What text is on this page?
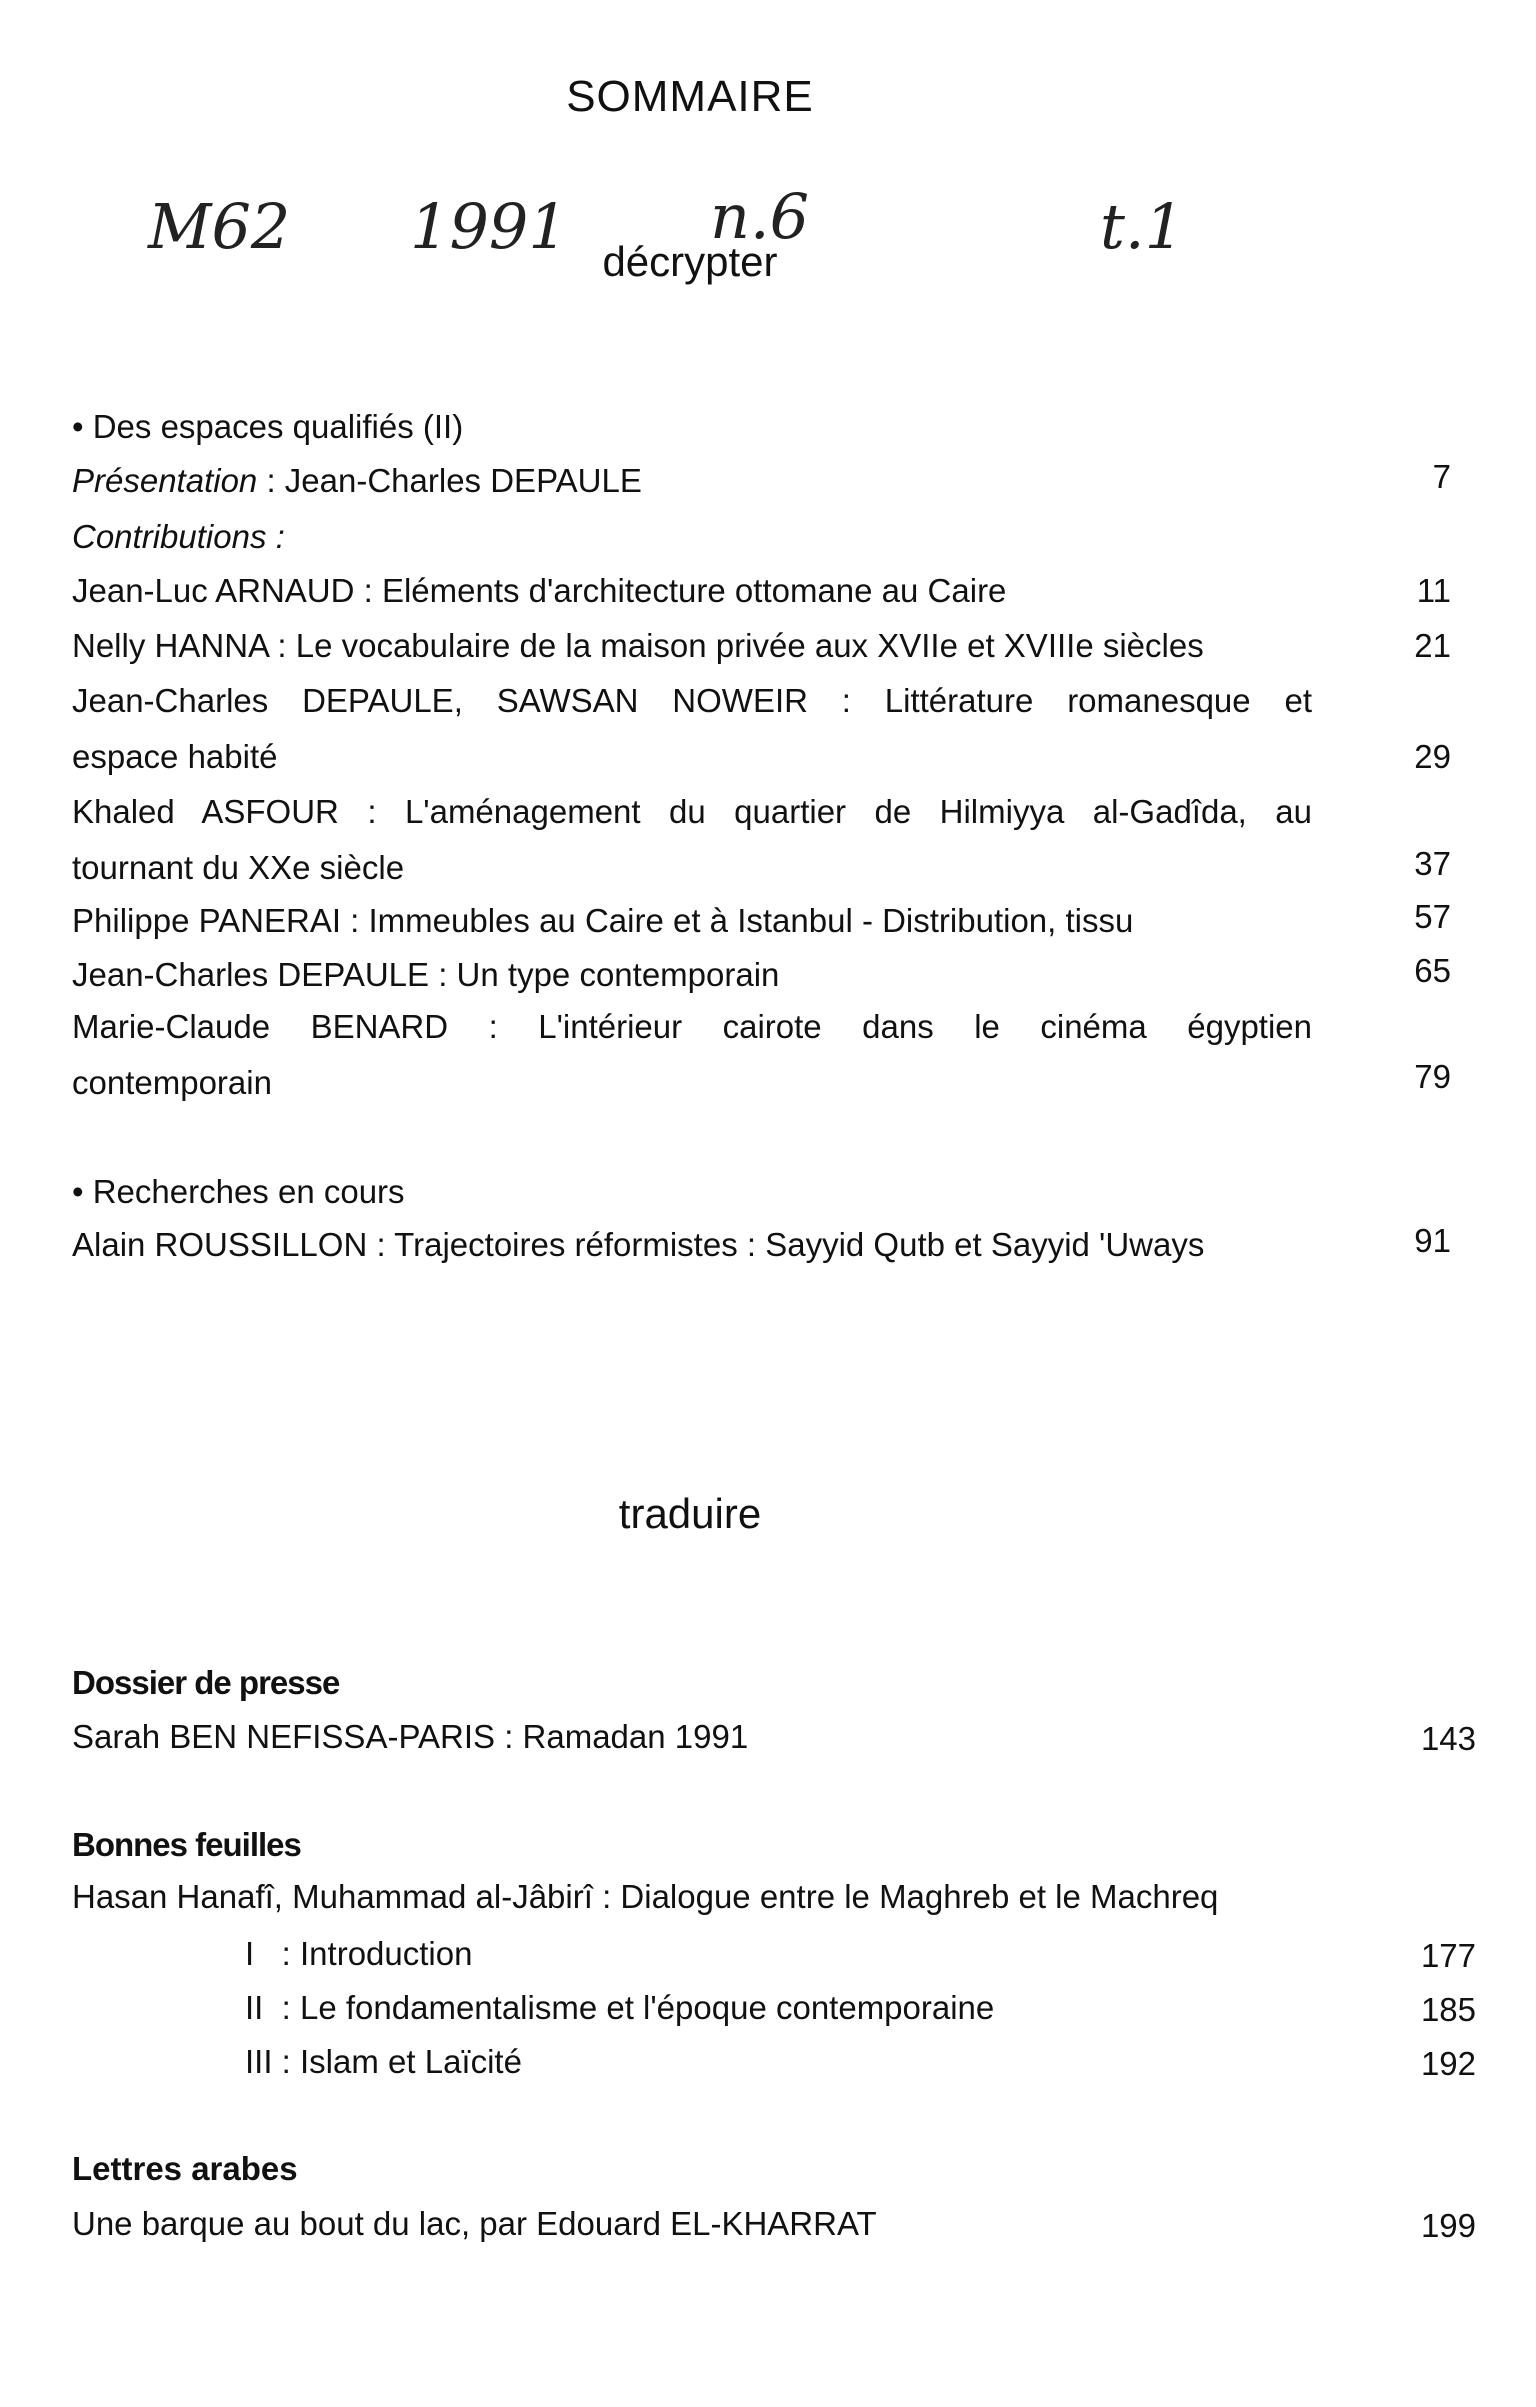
SOMMAIRE
M62 1991 n.6	t.1
décrypter
• Des espaces qualifiés (II)
Présentation : Jean-Charles DEPAULE	7
Contributions :
Jean-Luc ARNAUD : Eléments d'architecture ottomane au Caire	11
Nelly HANNA : Le vocabulaire de la maison privée aux XVIIe et XVIIIe siècles	21
Jean-Charles DEPAULE, SAWSAN NOWEIR : Littérature romanesque et
espace habité	29
Khaled ASFOUR : L'aménagement du quartier de Hilmiyya al-Gadîda, au
tournant du XXe siècle	37
Philippe PANERAI : Immeubles au Caire et à Istanbul - Distribution, tissu	57
Jean-Charles DEPAULE : Un type contemporain	65
Marie-Claude BENARD : L'intérieur cairote dans le cinéma égyptien
contemporain	79
• Recherches en cours
Alain ROUSSILLON : Trajectoires réformistes : Sayyid Qutb et Sayyid 'Uways	91
traduire
Dossier de presse
Sarah BEN NEFISSA-PARIS : Ramadan 1991	143
Bonnes feuilles
Hasan Hanafî, Muhammad al-Jâbirî : Dialogue entre le Maghreb et le Machreq
I   : Introduction	177
II  : Le fondamentalisme et l'époque contemporaine	185
III : Islam et Laïcité	192
Lettres arabes
Une barque au bout du lac, par Edouard EL-KHARRAT	199
